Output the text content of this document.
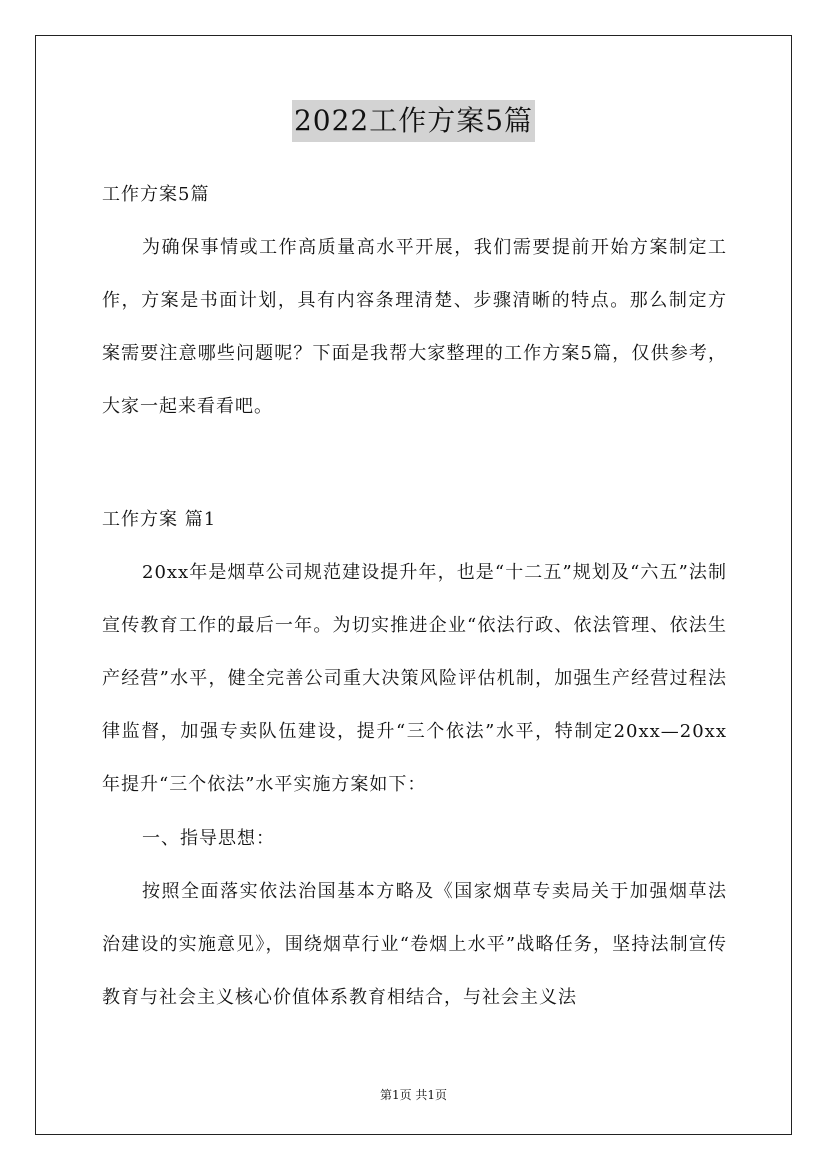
2022工作方案5篇
工作方案5篇
为确保事情或工作高质量高水平开展，我们需要提前开始方案制定工作，方案是书面计划，具有内容条理清楚、步骤清晰的特点。那么制定方案需要注意哪些问题呢？下面是我帮大家整理的工作方案5篇，仅供参考，大家一起来看看吧。
工作方案 篇1
20xx年是烟草公司规范建设提升年，也是“十二五”规划及“六五”法制宣传教育工作的最后一年。为切实推进企业“依法行政、依法管理、依法生产经营”水平，健全完善公司重大决策风险评估机制，加强生产经营过程法律监督，加强专卖队伍建设，提升“三个依法”水平，特制定20xx—20xx年提升“三个依法”水平实施方案如下：
一、指导思想：
按照全面落实依法治国基本方略及《国家烟草专卖局关于加强烟草法治建设的实施意见》，围绕烟草行业“卷烟上水平”战略任务，坚持法制宣传教育与社会主义核心价值体系教育相结合，与社会主义法
第1页 共1页
